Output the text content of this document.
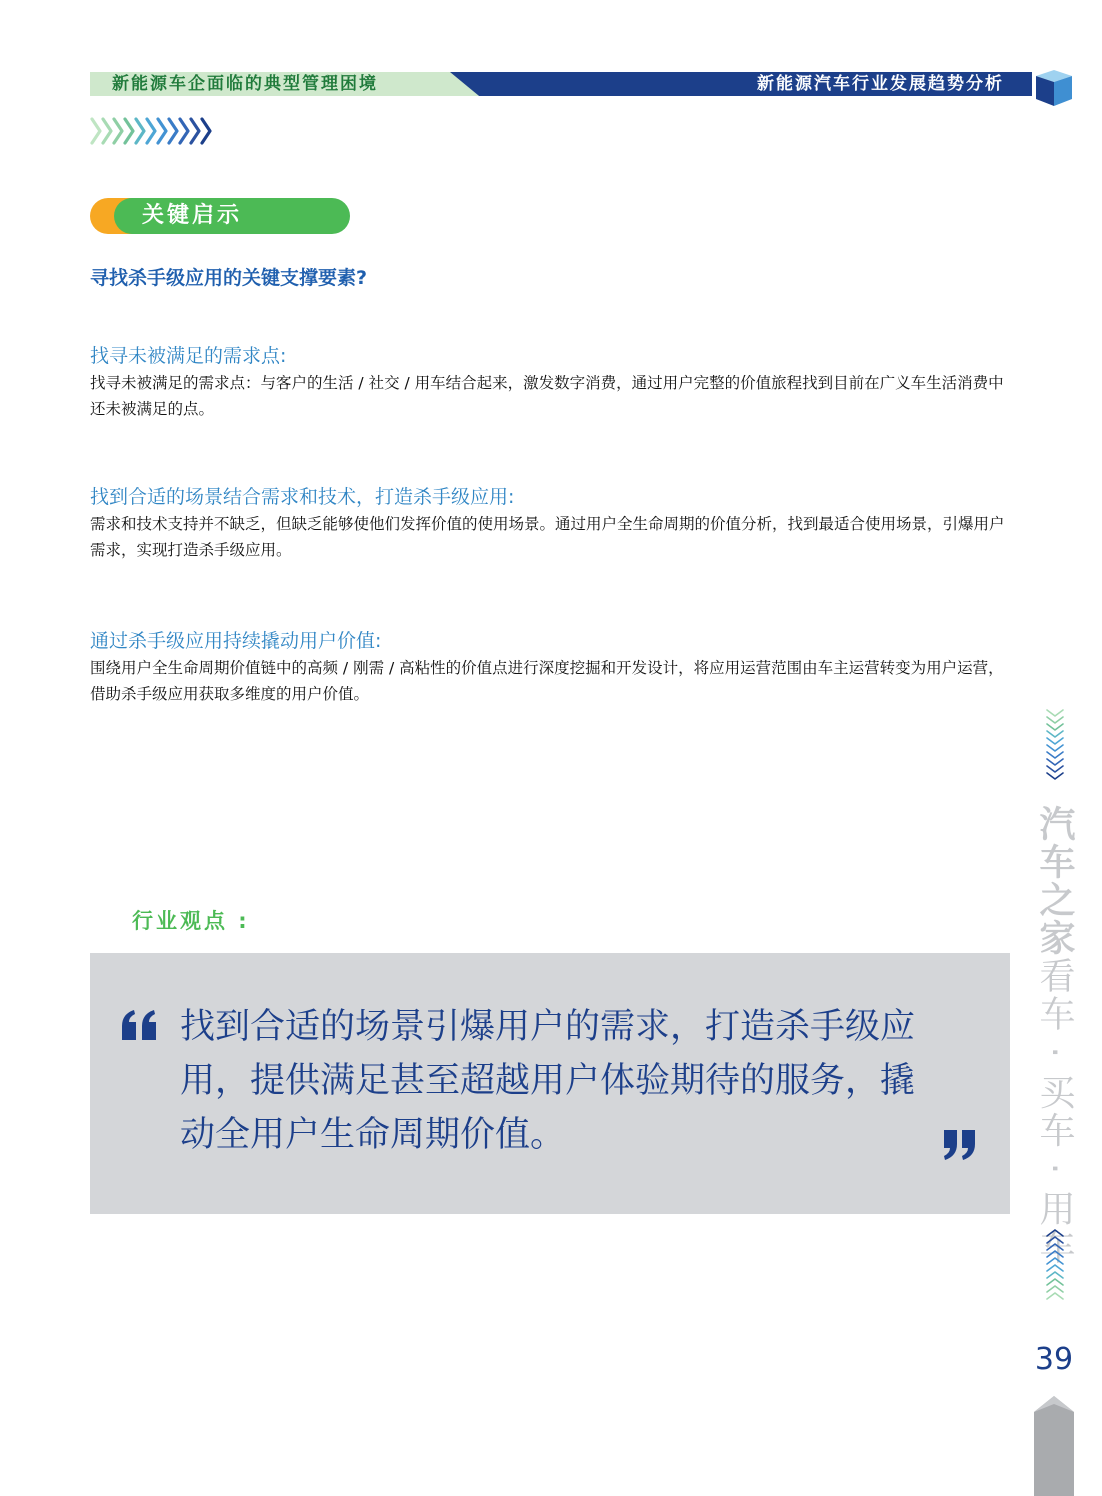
新能源车企面临的典型管理困境	新能源汽车行业发展趋势分析
关键启示
寻找杀手级应用的关键支撑要素?
找寻未被满足的需求点:
找寻未被满足的需求点：与客户的生活 / 社交 / 用车结合起来，激发数字消费，通过用户完整的价值旅程找到目前在广义车生活消费中还未被满足的点。
找到合适的场景结合需求和技术，打造杀手级应用:
需求和技术支持并不缺乏，但缺乏能够使他们发挥价值的使用场景。通过用户全生命周期的价值分析，找到最适合使用场景，引爆用户需求，实现打造杀手级应用。
通过杀手级应用持续撬动用户价值:
围绕用户全生命周期价值链中的高频 / 刚需 / 高粘性的价值点进行深度挖掘和开发设计，将应用运营范围由车主运营转变为用户运营，借助杀手级应用获取多维度的用户价值。
行业观点 :
找到合适的场景引爆用户的需求，打造杀手级应用，提供满足甚至超越用户体验期待的服务，撬动全用户生命周期价值。
汽车之家看车 · 买车 · 用车
39
